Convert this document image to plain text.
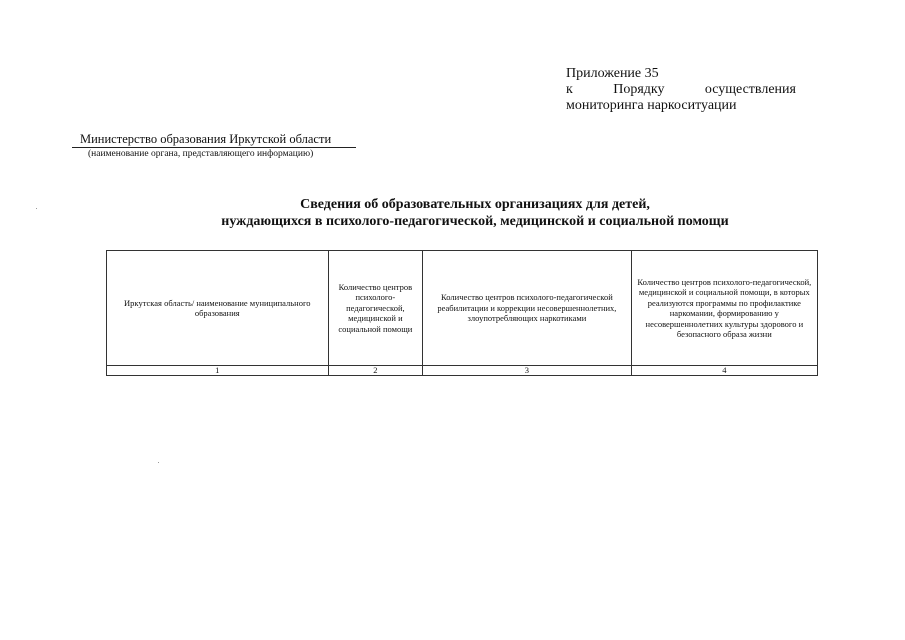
Приложение 35
к	Порядку	осуществления
мониторинга наркоситуации
Министерство образования Иркутской области
(наименование органа, представляющего информацию)
Сведения об образовательных организациях для детей,
нуждающихся в психолого-педагогической, медицинской и социальной помощи
Иркутская область/ наименование муниципального образования	Количество центров психолого-педагогической, медицинской и социальной помощи	Количество центров психолого-педагогической реабилитации и коррекции несовершеннолетних, злоупотребляющих наркотиками	Количество центров психолого-педагогической, медицинской и социальной помощи, в которых реализуются программы по профилактике наркомании, формированию у несовершеннолетних культуры здорового и безопасного образа жизни
1	2	3	4
